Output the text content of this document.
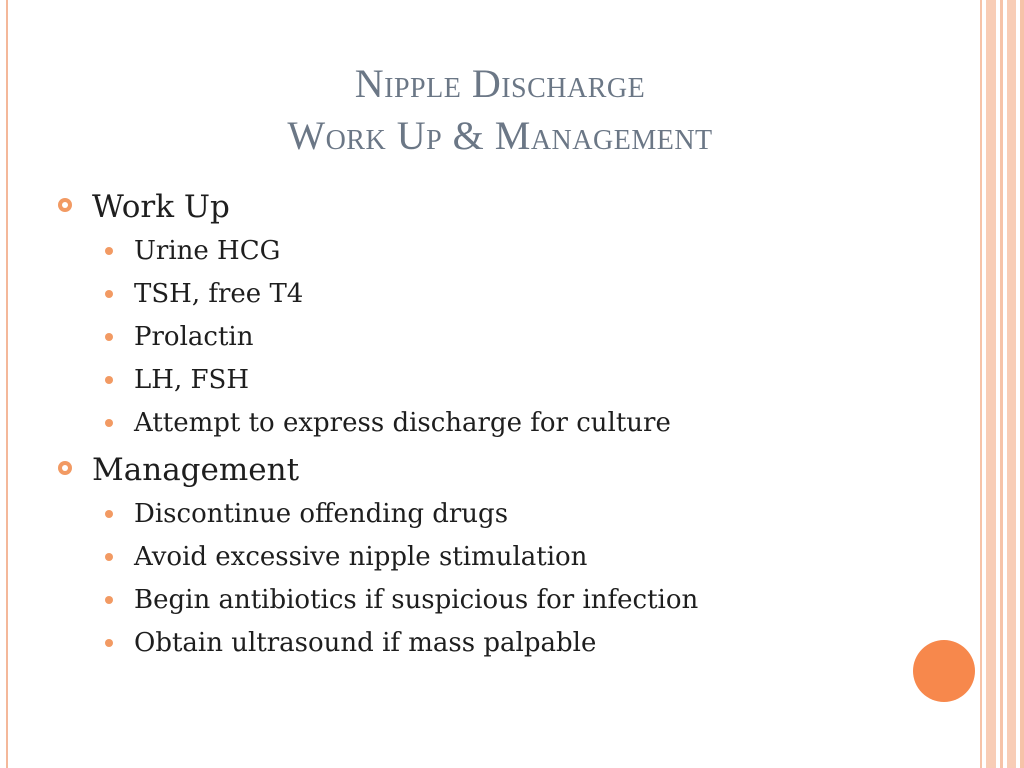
Nipple Discharge
Work Up & Management
Work Up
Urine HCG
TSH, free T4
Prolactin
LH, FSH
Attempt to express discharge for culture
Management
Discontinue offending drugs
Avoid excessive nipple stimulation
Begin antibiotics if suspicious for infection
Obtain ultrasound if mass palpable
